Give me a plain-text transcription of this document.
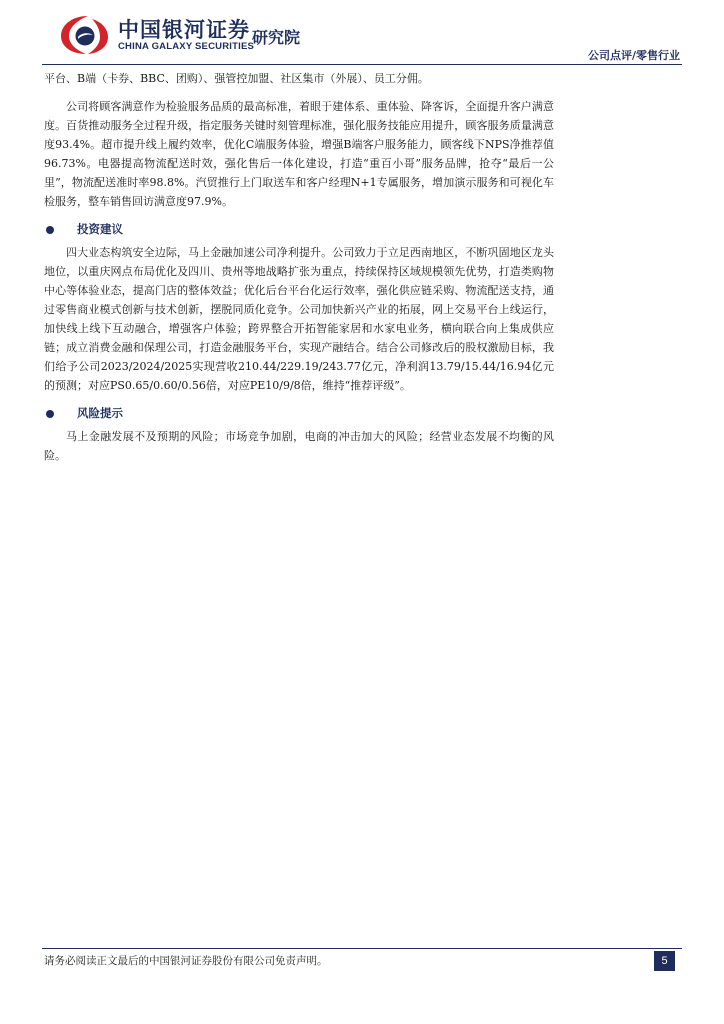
中国银河证券
CHINA GALAXY SECURITIES
研究院
公司点评/零售行业

平台、B端（卡券、BBC、团购）、强管控加盟、社区集市（外展）、员工分佣。

公司将顾客满意作为检验服务品质的最高标准，着眼于建体系、重体验、降客诉，全面提升客户满意度。百货推动服务全过程升级，指定服务关键时刻管理标准，强化服务技能应用提升，顾客服务质量满意度93.4%。超市提升线上履约效率，优化C端服务体验，增强B端客户服务能力，顾客线下NPS净推荐值96.73%。电器提高物流配送时效，强化售后一体化建设，打造“重百小哥”服务品牌，抢夺“最后一公里”，物流配送准时率98.8%。汽贸推行上门取送车和客户经理N+1专属服务，增加演示服务和可视化车检服务，整车销售回访满意度97.9%。

投资建议

四大业态构筑安全边际，马上金融加速公司净利提升。公司致力于立足西南地区，不断巩固地区龙头地位，以重庆网点布局优化及四川、贵州等地战略扩张为重点，持续保持区域规模领先优势，打造类购物中心等体验业态，提高门店的整体效益；优化后台平台化运行效率，强化供应链采购、物流配送支持，通过零售商业模式创新与技术创新，摆脱同质化竞争。公司加快新兴产业的拓展，网上交易平台上线运行，加快线上线下互动融合，增强客户体验；跨界整合开拓智能家居和水家电业务，横向联合向上集成供应链；成立消费金融和保理公司，打造金融服务平台，实现产融结合。结合公司修改后的股权激励目标，我们给予公司2023/2024/2025实现营收210.44/229.19/243.77亿元，净利润13.79/15.44/16.94亿元的预测；对应PS0.65/0.60/0.56倍，对应PE10/9/8倍，维持“推荐评级”。

风险提示

马上金融发展不及预期的风险；市场竞争加剧，电商的冲击加大的风险；经营业态发展不均衡的风险。

请务必阅读正文最后的中国银河证券股份有限公司免责声明。	5
